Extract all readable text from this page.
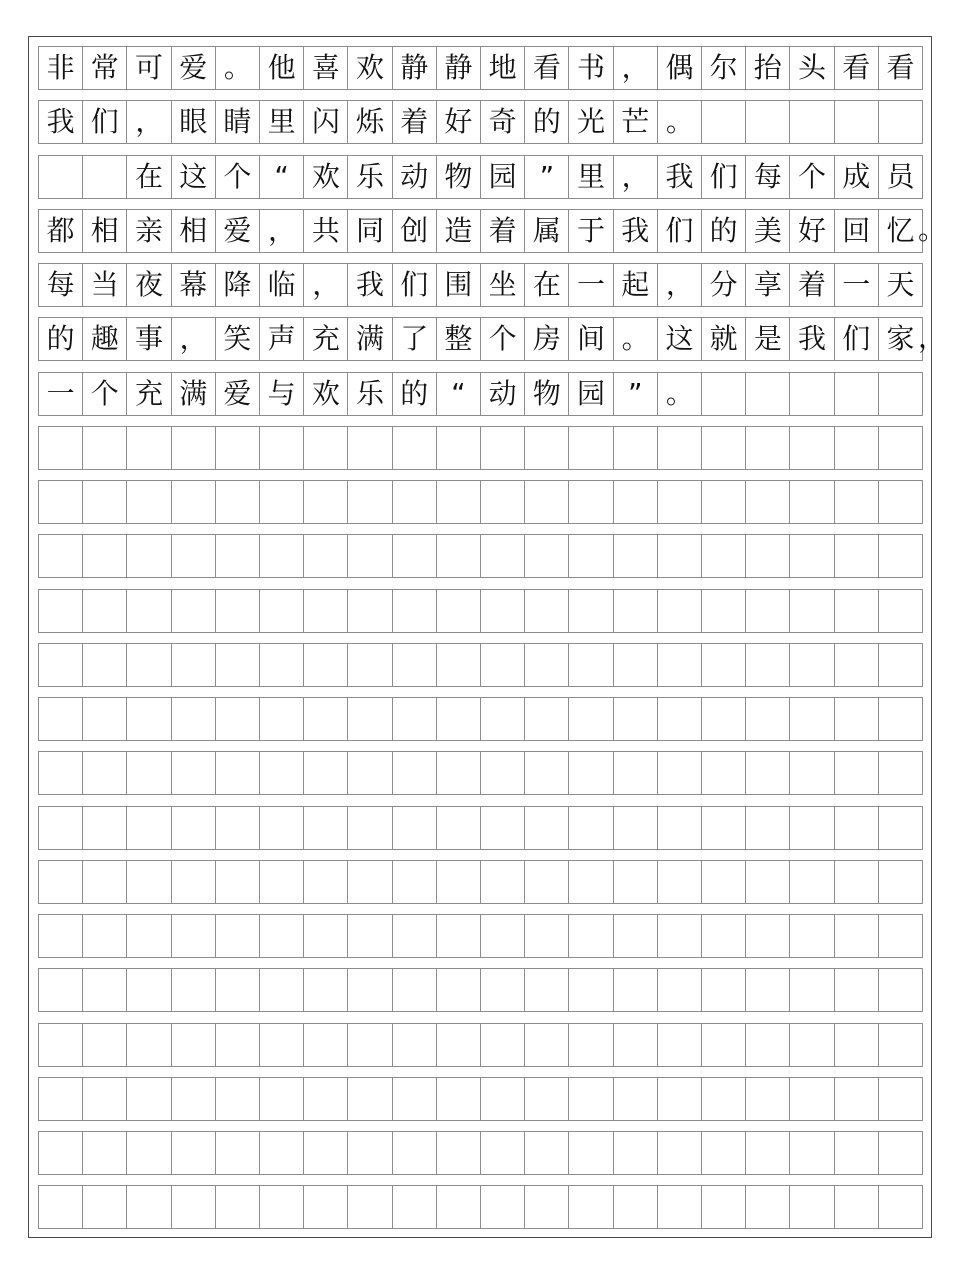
非 常 可 爱 。 他 喜 欢 静 静 地 看 书 ， 偶 尔 抬 头 看 看
我 们 ， 眼 睛 里 闪 烁 着 好 奇 的 光 芒 。
在 这 个 “ 欢 乐 动 物 园 ” 里 ， 我 们 每 个 成 员
都 相 亲 相 爱 ， 共 同 创 造 着 属 于 我 们 的 美 好 回 忆
每 当 夜 幕 降 临 ， 我 们 围 坐 在 一 起 ， 分 享 着 一 天
的 趣 事 ， 笑 声 充 满 了 整 个 房 间 。 这 就 是 我 们 家
一 个 充 满 爱 与 欢 乐 的 “ 动 物 园 ” 。
。
，
